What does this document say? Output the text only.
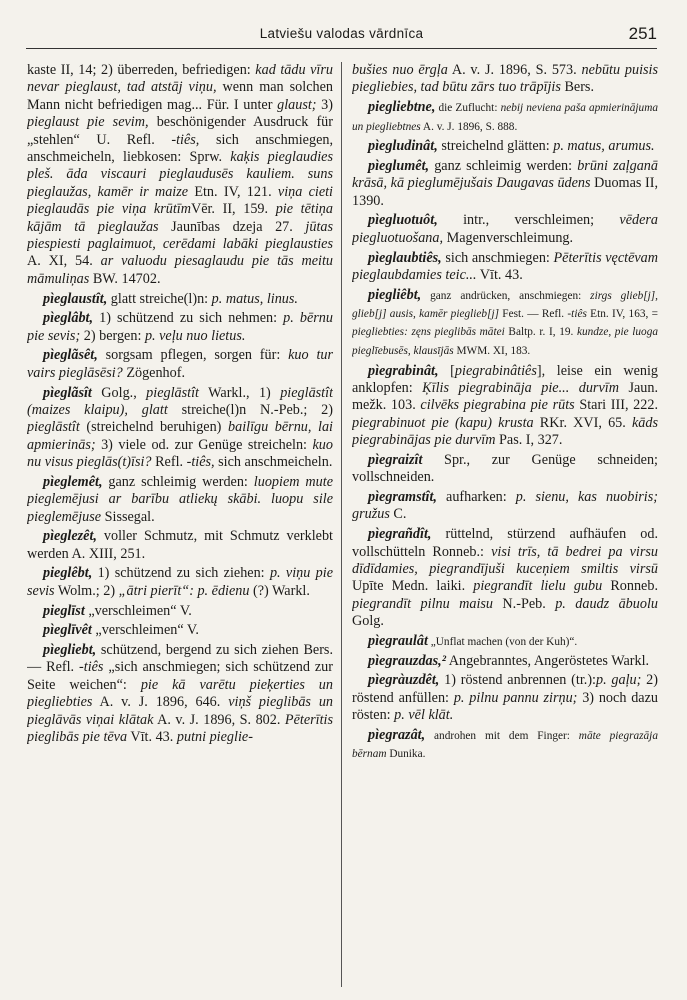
Latviešu valodas vārdnīca	251

kaste II, 14; 2) überreden, befriedigen: kad tādu vīru nevar pieglaust, tad atstāj viņu, wenn man solchen Mann nicht befriedigen mag... Für. I unter glaust; 3) pieglaust pie sevim, beschönigender Ausdruck für „stehlen“ U. Refl. -tiês, sich anschmiegen, anschmeicheln, liebkosen: Sprw. kaķis pieglaudies pleš. āda viscauri pieglaudusēs kauliem. suns pieglaužas, kamēr ir maize Etn. IV, 121. viņa cieti pieglaudās pie viņa krūtīmVēr. II, 159. pie tētiņa kājām tā pieglaužas Jaunības dzeja 27. jūtas piespiesti paglaimuot, cerēdami labāki pieglausties A. XI, 54. ar valuodu piesaglaudu pie tās meitu māmuliņas BW. 14702.

pìeglaustît, glatt streiche(l)n: p. matus, linus.

pìeglâbt, 1) schützend zu sich nehmen: p. bērnu pie sevis; 2) bergen: p. veļu nuo lietus.

pìeglãsêt, sorgsam pflegen, sorgen für: kuo tur vairs pieglāsēsi? Zögenhof.

pìeglãsît Golg., pieglāstît Warkl., 1) pieglāstît (maizes klaipu), glatt streiche(l)n N.-Peb.; 2) pieglāstît (streichelnd beruhigen) bailīgu bērnu, lai apmierinās; 3) viele od. zur Genüge streicheln: kuo nu visus pieglās(t)īsi? Refl. -tiês, sich anschmeicheln.

pìeglemêt, ganz schleimig werden: luopiem mute pieglemējusi ar barību atliekų skābi. luopu sile pieglemējuse Sissegal.

pìeglezêt, voller Schmutz, mit Schmutz verklebt werden A. XIII, 251.

pieglêbt, 1) schützend zu sich ziehen: p. viņu pie sevis Wolm.; 2) „ātri pierīt“: p. ēdienu (?) Warkl.

pieglīst „verschleimen“ V.

pìeglīvêt „verschleimen“ V.

pìegliebt, schützend, bergend zu sich ziehen Bers. — Refl. -tiês „sich anschmiegen; sich schützend zur Seite weichen“: pie kā varētu pieķerties un piegliebties A. v. J. 1896, 646. viņš pieglibās un pieglāvās viņai klātak A. v. J. 1896, S. 802. Pēterītis pieglibās pie tēva Vīt. 43. putni pieglie-

bušies nuo ērgļa A. v. J. 1896, S. 573. nebūtu puisis piegliebies, tad būtu zārs tuo trāpījis Bers.

piegliebtne, die Zuflucht: nebij neviena paša apmierinājuma un piegliebtnes A. v. J. 1896, S. 888.

pìegludinât, streichelnd glätten: p. matus, arumus.

pìeglumêt, ganz schleimig werden: brūni zaļganā krāsā, kā pieglumējušais Daugavas ūdens Duomas II, 1390.

pìegluotuôt, intr., verschleimen; vēdera piegluotuošana, Magenverschleimung.

pìeglaubtiês, sich anschmiegen: Pēterītis vęctēvam pieglaubdamies teic... Vīt. 43.

piegliêbt, ganz andrücken, anschmiegen: zirgs glieb[j], glieb[j] ausis, kamēr pieglieb[j] Fest. — Refl. -tiês Etn. IV, 163, = piegliebties: zęns pieglibās mātei Baltp. r. I, 19. kundze, pie luoga pieglīebusēs, klausījās MWM. XI, 183.

pìegrabinât, [piegrabinâtiês], leise ein wenig anklopfen: Ķīlis piegrabināja pie... durvīm Jaun. mežk. 103. cilvēks piegrabina pie rūts Stari III, 222. piegrabinuot pie (kapu) krusta RKr. XVI, 65. kāds piegrabinājas pie durvīm Pas. I, 327.

pìegraizît Spr., zur Genüge schneiden; vollschneiden.

pìegramstît, aufharken: p. sienu, kas nuobiris; gružus C.

pìegrañdît, rüttelnd, stürzend aufhäufen od. vollschütteln Ronneb.: visi trīs, tā bedrei pa virsu dīdīdamies, piegrandījuši kuceņiem smiltis virsū Upīte Medn. laiki. piegrandīt lielu gubu Ronneb. piegrandīt pilnu maisu N.-Peb. p. daudz ābuolu Golg.

pìegraulât „Unflat machen (von der Kuh)“.

pìegrauzdas,² Angebranntes, Angeröstetes Warkl.

pìegràuzdêt, 1) röstend anbrennen (tr.):p. gaļu; 2) röstend anfüllen: p. pilnu pannu zirņu; 3) noch dazu rösten: p. vēl klāt.

pìegrazât, androhen mit dem Finger: māte piegrazāja bērnam Dunika.
